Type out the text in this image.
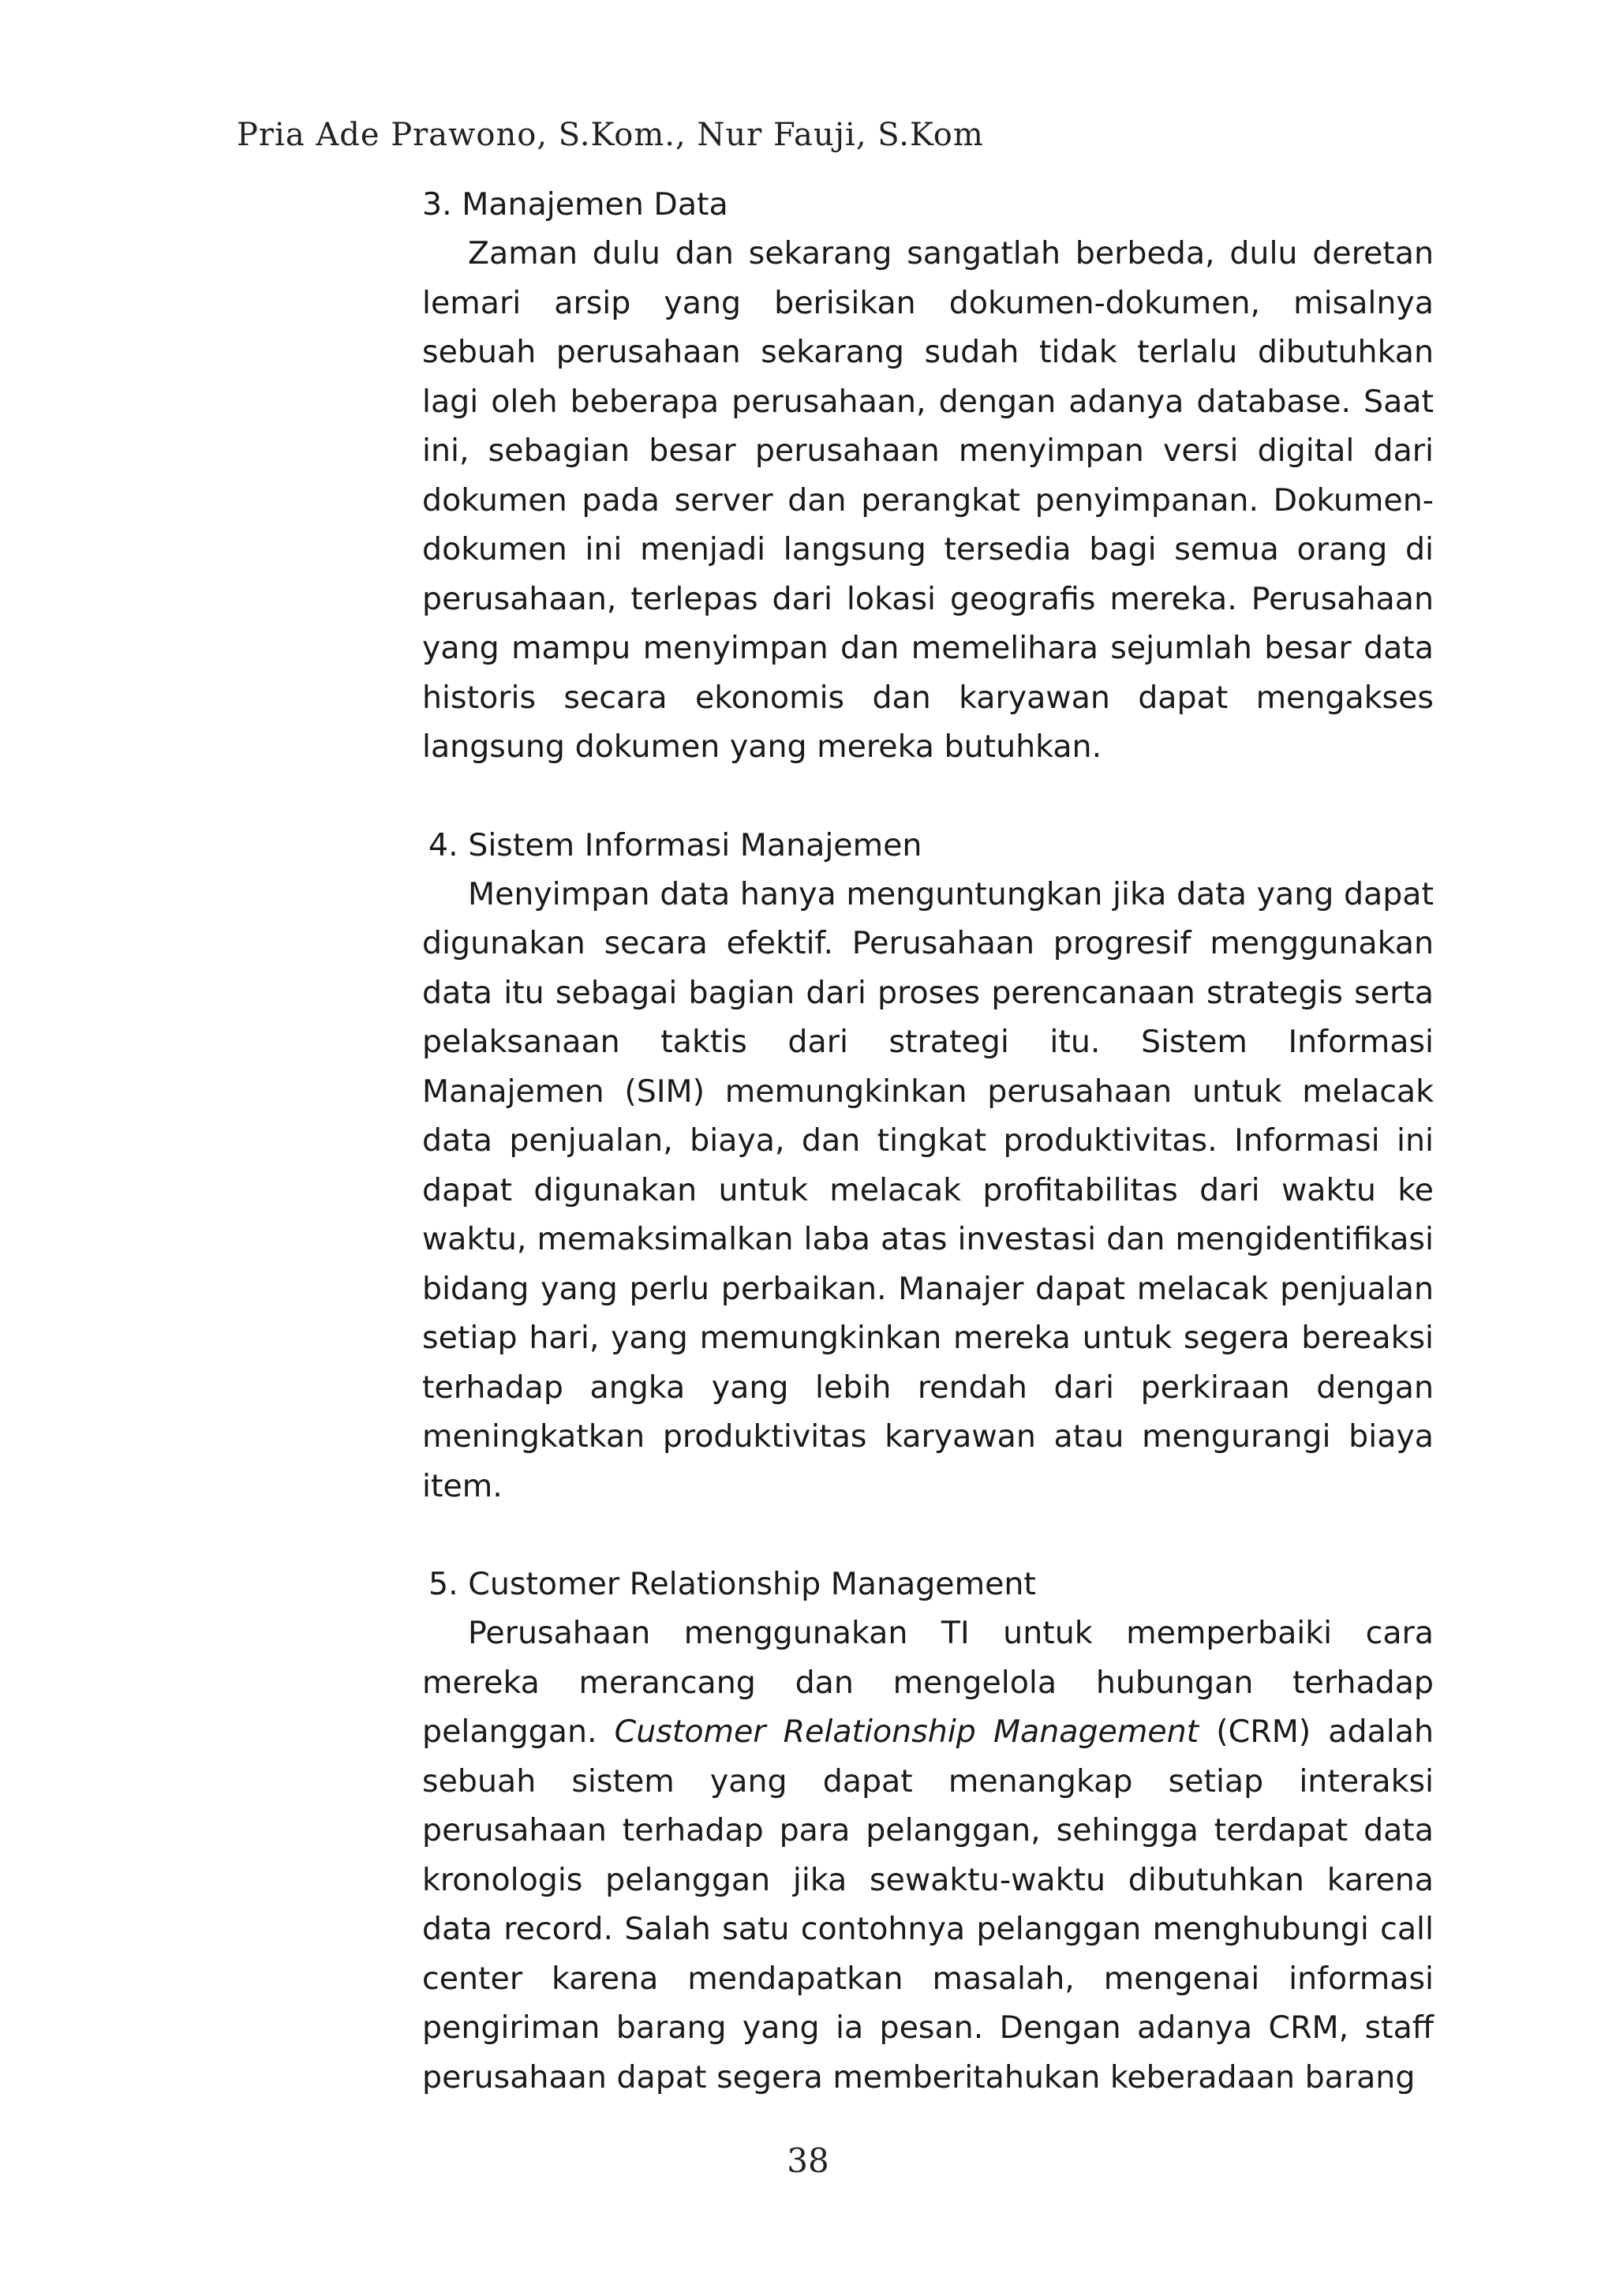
Pria Ade Prawono, S.Kom., Nur Fauji, S.Kom

3. Manajemen Data

Zaman dulu dan sekarang sangatlah berbeda, dulu deretan lemari arsip yang berisikan dokumen-dokumen, misalnya sebuah perusahaan sekarang sudah tidak terlalu dibutuhkan lagi oleh beberapa perusahaan, dengan adanya database. Saat ini, sebagian besar perusahaan menyimpan versi digital dari dokumen pada server dan perangkat penyimpanan. Dokumen-dokumen ini menjadi langsung tersedia bagi semua orang di perusahaan, terlepas dari lokasi geografis mereka. Perusahaan yang mampu menyimpan dan memelihara sejumlah besar data historis secara ekonomis dan karyawan dapat mengakses langsung dokumen yang mereka butuhkan.

4. Sistem Informasi Manajemen

Menyimpan data hanya menguntungkan jika data yang dapat digunakan secara efektif. Perusahaan progresif menggunakan data itu sebagai bagian dari proses perencanaan strategis serta pelaksanaan taktis dari strategi itu. Sistem Informasi Manajemen (SIM) memungkinkan perusahaan untuk melacak data penjualan, biaya, dan tingkat produktivitas. Informasi ini dapat digunakan untuk melacak profitabilitas dari waktu ke waktu, memaksimalkan laba atas investasi dan mengidentifikasi bidang yang perlu perbaikan. Manajer dapat melacak penjualan setiap hari, yang memungkinkan mereka untuk segera bereaksi terhadap angka yang lebih rendah dari perkiraan dengan meningkatkan produktivitas karyawan atau mengurangi biaya item.

5. Customer Relationship Management

Perusahaan menggunakan TI untuk memperbaiki cara mereka merancang dan mengelola hubungan terhadap pelanggan. Customer Relationship Management (CRM) adalah sebuah sistem yang dapat menangkap setiap interaksi perusahaan terhadap para pelanggan, sehingga terdapat data kronologis pelanggan jika sewaktu-waktu dibutuhkan karena data record. Salah satu contohnya pelanggan menghubungi call center karena mendapatkan masalah, mengenai informasi pengiriman barang yang ia pesan. Dengan adanya CRM, staff perusahaan dapat segera memberitahukan keberadaan barang

38
